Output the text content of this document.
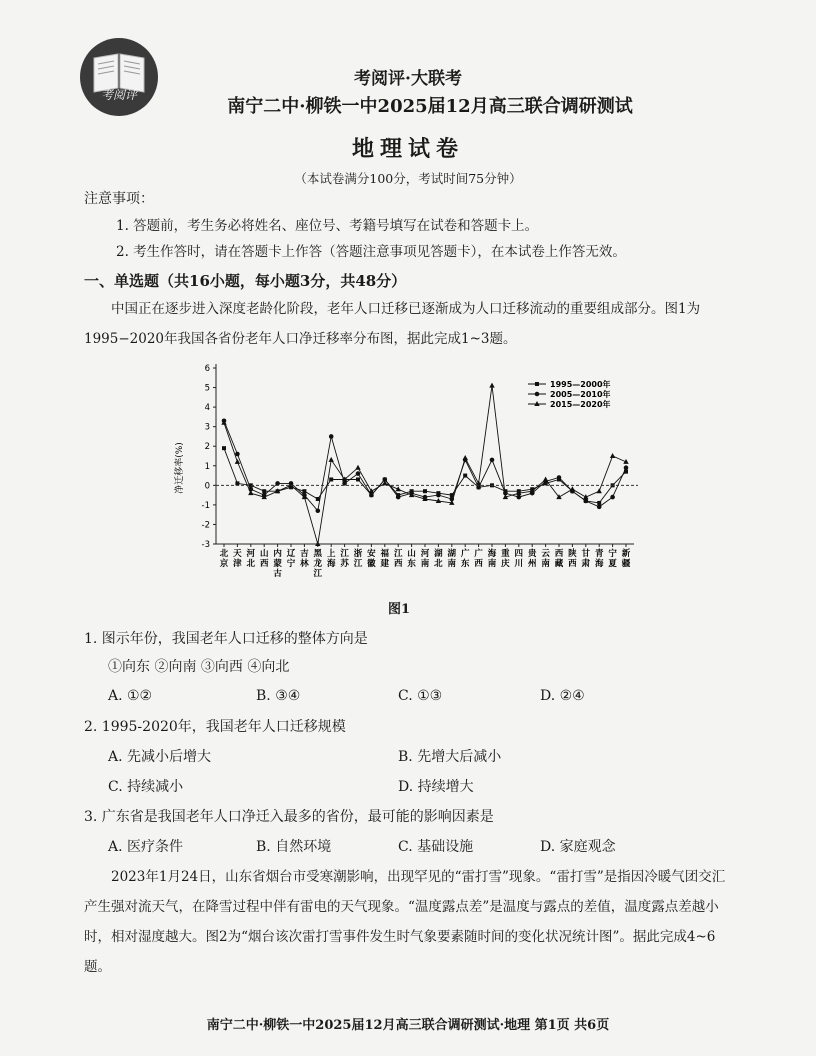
考阅评
考阅评·大联考
南宁二中·柳铁一中2025届12月高三联合调研测试
地理试卷
（本试卷满分100分，考试时间75分钟）
注意事项：
1. 答题前，考生务必将姓名、座位号、考籍号填写在试卷和答题卡上。
2. 考生作答时，请在答题卡上作答（答题注意事项见答题卡），在本试卷上作答无效。
一、单选题（共16小题，每小题3分，共48分）
中国正在逐步进入深度老龄化阶段，老年人口迁移已逐渐成为人口迁移流动的重要组成部分。图1为1995−2020年我国各省份老年人口净迁移率分布图，据此完成1~3题。
-3
-2
-1
0
1
2
3
4
5
6
北京
天津
河北
山西
内蒙古
辽宁
吉林
黑龙江
上海
江苏
浙江
安徽
福建
江西
山东
河南
湖北
湖南
广东
广西
海南
重庆
四川
贵州
云南
西藏
陕西
甘肃
青海
宁夏
新疆
1995—2000年
2005—2010年
2015—2020年
净迁移率(%)
图1
1. 图示年份，我国老年人口迁移的整体方向是
①向东 ②向南 ③向西 ④向北
A. ①②	B. ③④	C. ①③	D. ②④
2. 1995-2020年，我国老年人口迁移规模
A. 先减小后增大	B. 先增大后减小
C. 持续减小	D. 持续增大
3. 广东省是我国老年人口净迁入最多的省份，最可能的影响因素是
A. 医疗条件	B. 自然环境	C. 基础设施	D. 家庭观念
2023年1月24日，山东省烟台市受寒潮影响，出现罕见的“雷打雪”现象。“雷打雪”是指因冷暖气团交汇产生强对流天气，在降雪过程中伴有雷电的天气现象。“温度露点差”是温度与露点的差值，温度露点差越小时，相对湿度越大。图2为“烟台该次雷打雪事件发生时气象要素随时间的变化状况统计图”。据此完成4~6题。
南宁二中·柳铁一中2025届12月高三联合调研测试·地理 第1页 共6页
